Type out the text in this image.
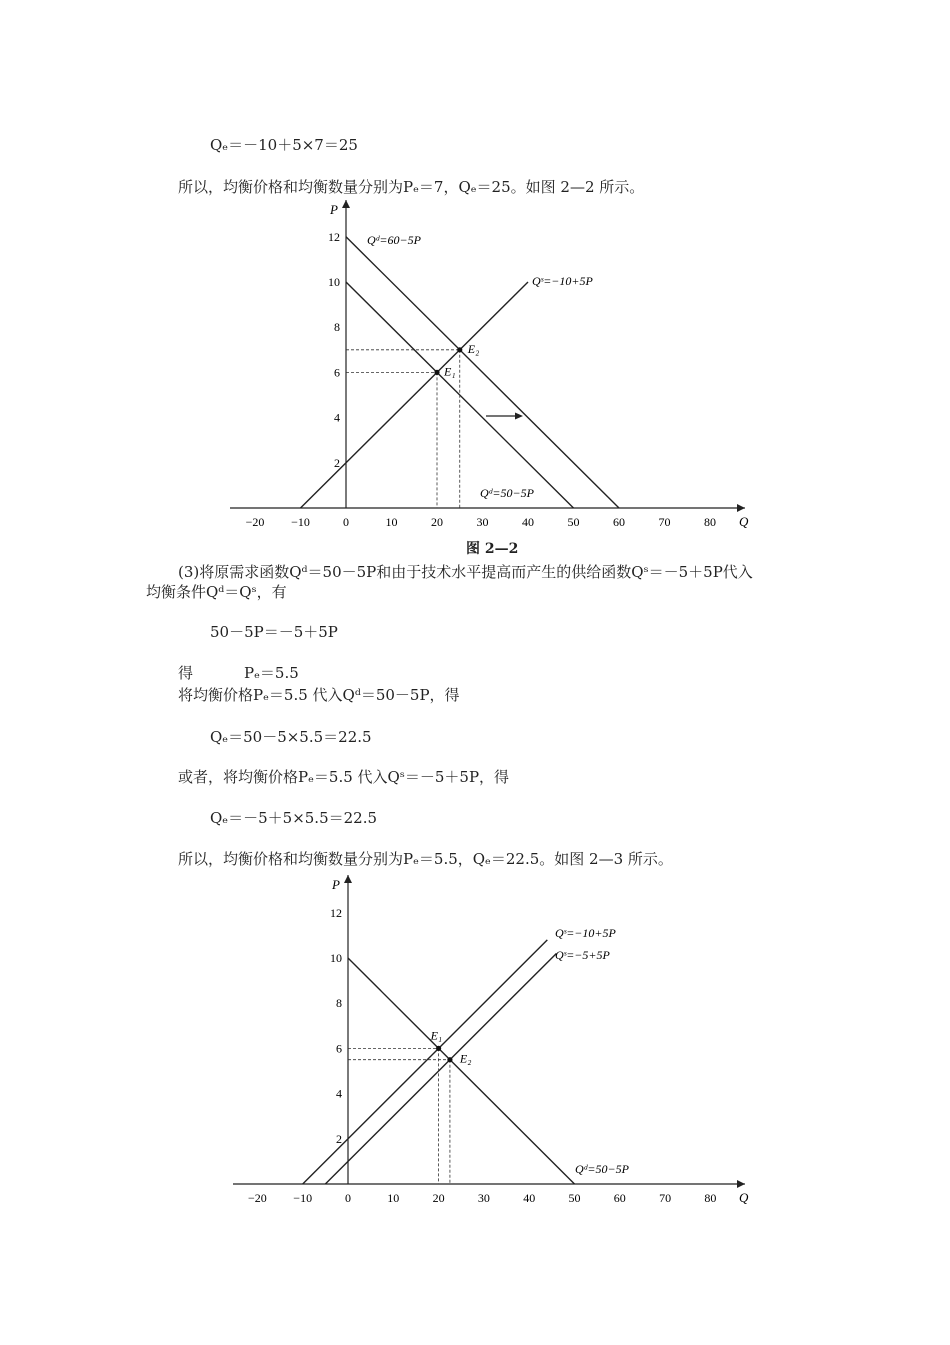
Qₑ＝－10＋5×7＝25
所以，均衡价格和均衡数量分别为Pₑ＝7，Qₑ＝25。如图 2—2 所示。
Q
P
−20 −10	0	10	20	30	40	50	60	70	80
2
4
6
8
10
12 Qᵈ=60−5P
Qᵈ=50−5P
Qˢ=−10+5P
E₁
E₂
图 2—2
(3)将原需求函数Qᵈ＝50－5P和由于技术水平提高而产生的供给函数Qˢ＝－5＋5P代入
均衡条件Qᵈ＝Qˢ，有
50－5P＝－5＋5P
得	Pₑ＝5.5
将均衡价格Pₑ＝5.5 代入Qᵈ＝50－5P，得
Qₑ＝50－5×5.5＝22.5
或者，将均衡价格Pₑ＝5.5 代入Qˢ＝－5＋5P，得
Qₑ＝－5＋5×5.5＝22.5
所以，均衡价格和均衡数量分别为Pₑ＝5.5，Qₑ＝22.5。如图 2—3 所示。
Q
P
−20 −10	0	10	20	30	40	50	60	70	80
2
4
6
8
10
12
Qˢ=−10+5P
Qˢ=−5+5P
Qᵈ=50−5P
E₁
E₂
